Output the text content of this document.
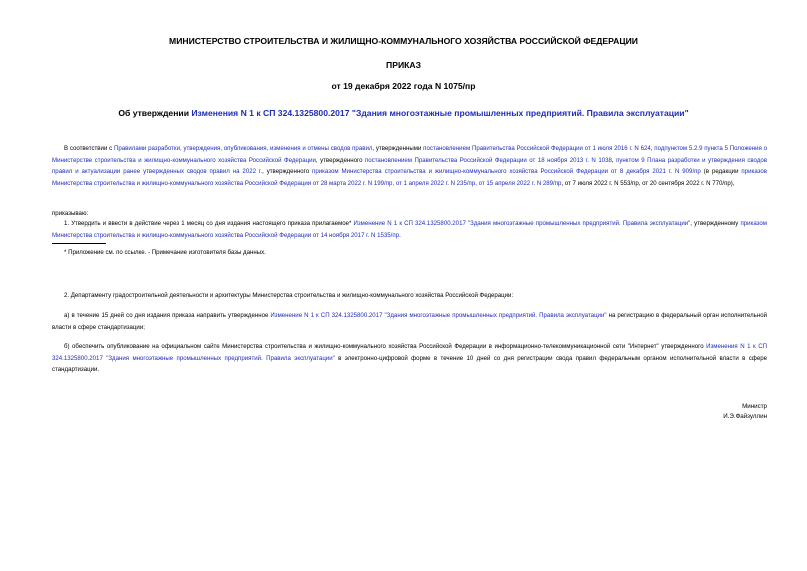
МИНИСТЕРСТВО СТРОИТЕЛЬСТВА И ЖИЛИЩНО-КОММУНАЛЬНОГО ХОЗЯЙСТВА РОССИЙСКОЙ ФЕДЕРАЦИИ

ПРИКАЗ

от 19 декабря 2022 года N 1075/пр

Об утверждении Изменения N 1 к СП 324.1325800.2017 "Здания многоэтажные промышленных предприятий. Правила эксплуатации"

В соответствии с Правилами разработки, утверждения, опубликования, изменения и отмены сводов правил, утвержденными постановлением Правительства Российской Федерации от 1 июля 2016 г. N 624, подпунктом 5.2.9 пункта 5 Положения о Министерстве строительства и жилищно-коммунального хозяйства Российской Федерации, утвержденного постановлением Правительства Российской Федерации от 18 ноября 2013 г. N 1038, пунктом 9 Плана разработки и утверждения сводов правил и актуализации ранее утвержденных сводов правил на 2022 г., утвержденного приказом Министерства строительства и жилищно-коммунального хозяйства Российской Федерации от 8 декабря 2021 г. N 909/пр (в редакции приказов Министерства строительства и жилищно-коммунального хозяйства Российской Федерации от 28 марта 2022 г. N 199/пр, от 1 апреля 2022 г. N 235/пр, от 15 апреля 2022 г. N 289/пр, от 7 июля 2022 г. N 553/пр, от 20 сентября 2022 г. N 770/пр),

приказываю:

1. Утвердить и ввести в действие через 1 месяц со дня издания настоящего приказа прилагаемое* Изменение N 1 к СП 324.1325800.2017 "Здания многоэтажные промышленных предприятий. Правила эксплуатации", утвержденному приказом Министерства строительства и жилищно-коммунального хозяйства Российской Федерации от 14 ноября 2017 г. N 1535/пр.

* Приложение см. по ссылке. - Примечание изготовителя базы данных.

2. Департаменту градостроительной деятельности и архитектуры Министерства строительства и жилищно-коммунального хозяйства Российской Федерации:

а) в течение 15 дней со дня издания приказа направить утвержденное Изменение N 1 к СП 324.1325800.2017 "Здания многоэтажные промышленных предприятий. Правила эксплуатации" на регистрацию в федеральный орган исполнительной власти в сфере стандартизации;

б) обеспечить опубликование на официальном сайте Министерства строительства и жилищно-коммунального хозяйства Российской Федерации в информационно-телекоммуникационной сети "Интернет" утвержденного Изменения N 1 к СП 324.1325800.2017 "Здания многоэтажные промышленных предприятий. Правила эксплуатации" в электронно-цифровой форме в течение 10 дней со дня регистрации свода правил федеральным органом исполнительной власти в сфере стандартизации.

Министр

И.Э.Файзуллин
